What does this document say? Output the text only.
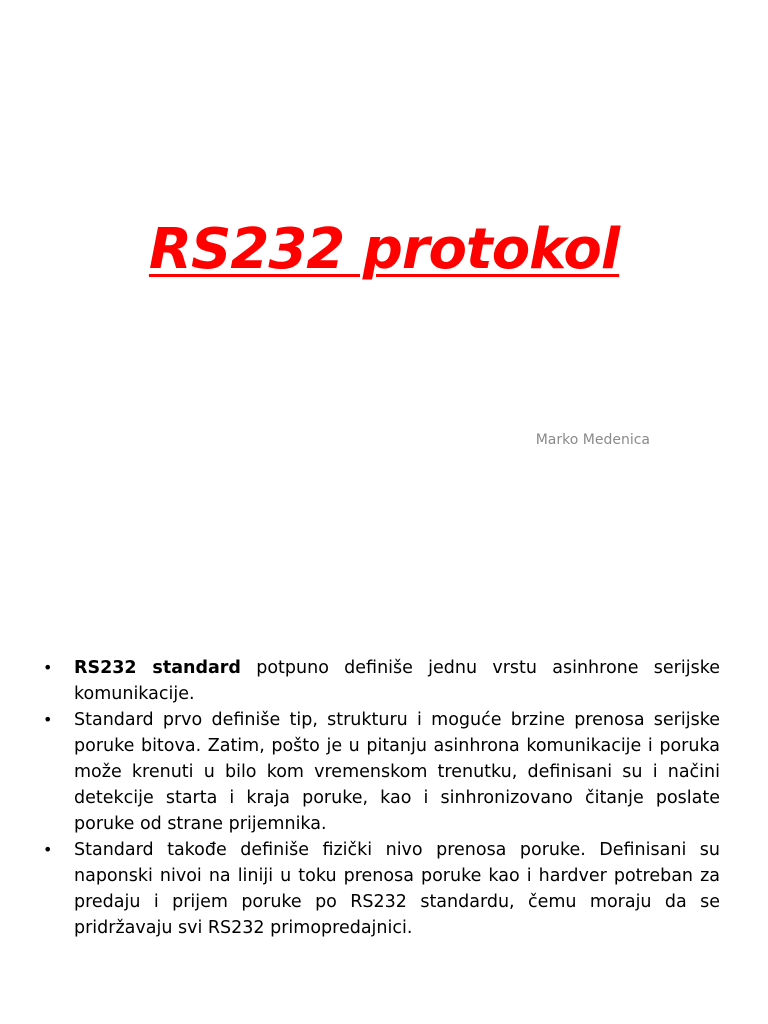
RS232 protokol
Marko Medenica
• RS232 standard potpuno definiše jednu vrstu asinhrone serijske komunikacije.
• Standard prvo definiše tip, strukturu i moguće brzine prenosa serijske poruke bitova. Zatim, pošto je u pitanju asinhrona komunikacije i poruka može krenuti u bilo kom vremenskom trenutku, definisani su i načini detekcije starta i kraja poruke, kao i sinhronizovano čitanje poslate poruke od strane prijemnika.
• Standard takođe definiše fizički nivo prenosa poruke. Definisani su naponski nivoi na liniji u toku prenosa poruke kao i hardver potreban za predaju i prijem poruke po RS232 standardu, čemu moraju da se pridržavaju svi RS232 primopredajnici.
